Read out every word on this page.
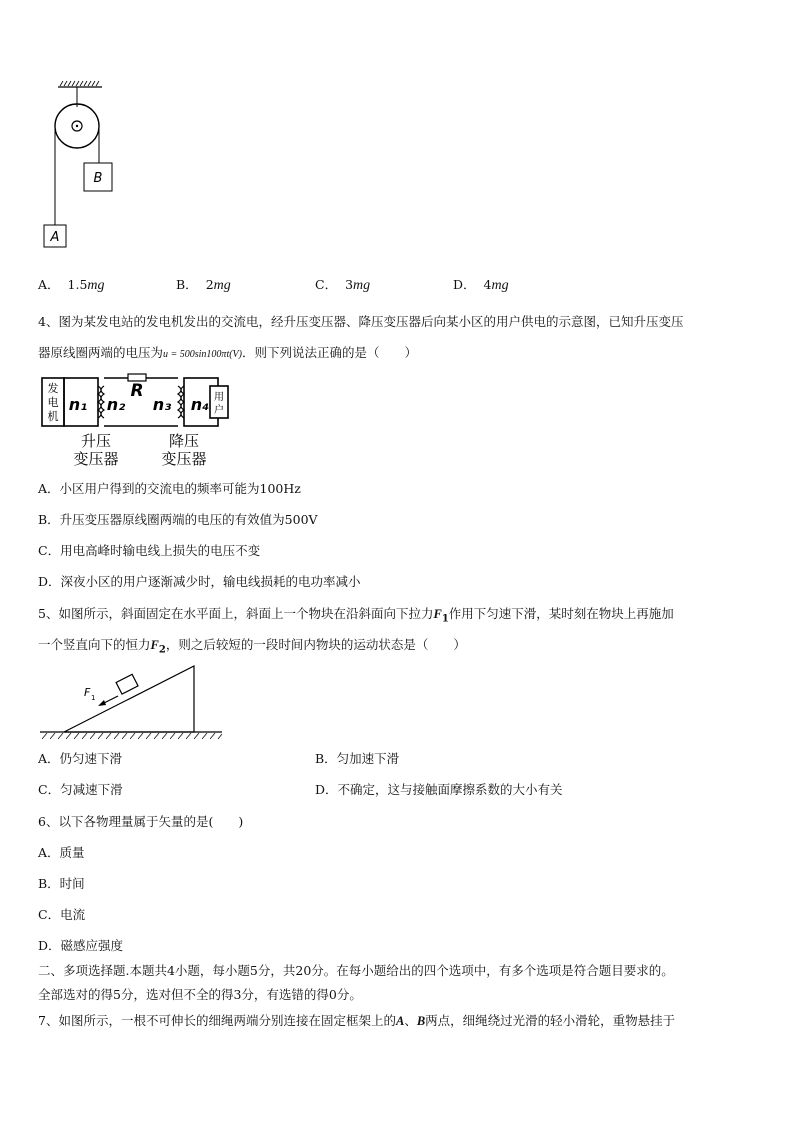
B
A
A． 1.5mg	B． 2mg	C． 3mg	D． 4mg
4、图为某发电站的发电机发出的交流电，经升压变压器、降压变压器后向某小区的用户供电的示意图，已知升压变压
器原线圈两端的电压为u = 500sin100πt(V)．则下列说法正确的是（　　）
发
电
机
n₁
R
n₂ n₃ n₄ 用
户
升压
变压器
降压
变压器
A．小区用户得到的交流电的频率可能为100Hz
B．升压变压器原线圈两端的电压的有效值为500V
C．用电高峰时输电线上损失的电压不变
D．深夜小区的用户逐渐减少时，输电线损耗的电功率减小
5、如图所示，斜面固定在水平面上，斜面上一个物块在沿斜面向下拉力$F_1$作用下匀速下滑，某时刻在物块上再施加
一个竖直向下的恒力$F_2$，则之后较短的一段时间内物块的运动状态是（　　）
F 1
A．仍匀速下滑	B．匀加速下滑
C．匀减速下滑	D．不确定，这与接触面摩擦系数的大小有关
6、以下各物理量属于矢量的是(　　)
A．质量
B．时间
C．电流
D．磁感应强度
二、多项选择题.本题共4小题，每小题5分，共20分。在每小题给出的四个选项中，有多个选项是符合题目要求的。
全部选对的得5分，选对但不全的得3分，有选错的得0分。
7、如图所示，一根不可伸长的细绳两端分别连接在固定框架上的A、B两点，细绳绕过光滑的轻小滑轮，重物悬挂于
